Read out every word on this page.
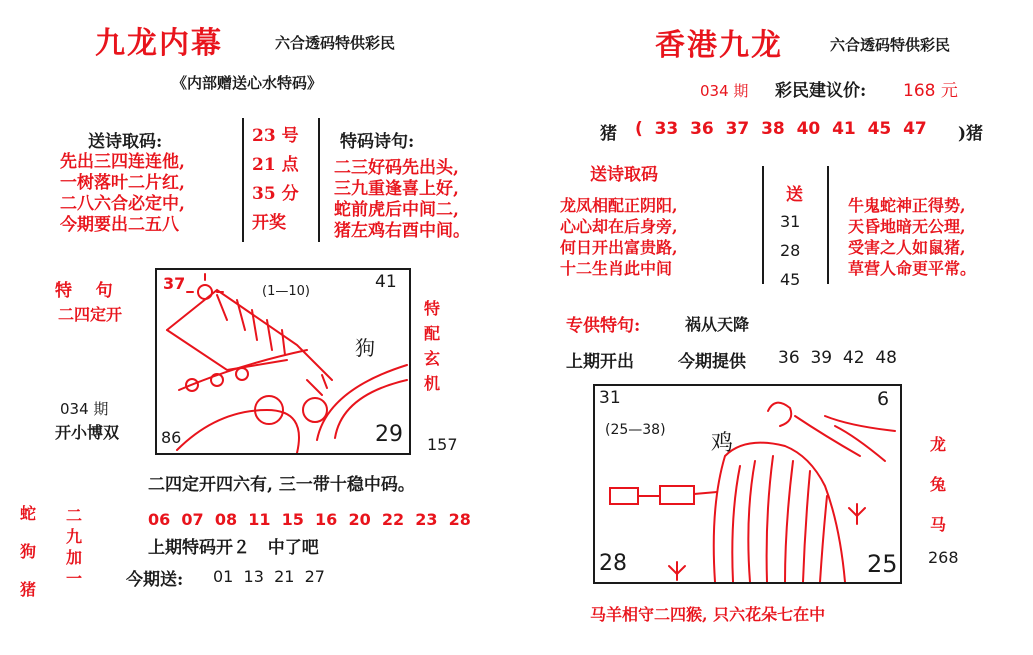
九龙内幕	六合透码特供彩民
《内部赠送心水特码》
送诗取码:
先出三四连连他,
一树落叶二片红,
二八六合必定中,
今期要出二五八
23 号
21 点
35 分
开奖
特码诗句:
二三好码先出头,
三九重逢喜上好,
蛇前虎后中间二,
猪左鸡右酉中间。
特    句
二四定开
034 期
开小博双
37	(1—10)	41
86	29
狗
特
配
玄
机
157
二四定开四六有, 三一带十稳中码。
蛇
狗
猪
二
九
加
一
06  07  08  11  15  16  20  22  23  28
上期特码开２   中了吧
今期送: 01  13  21  27
香港九龙	六合透码特供彩民
034 期 彩民建议价: 168 元
猪 (  33  36  37  38  40  41  45  47 )猪
送诗取码
龙凤相配正阴阳,
心心却在后身旁,
何日开出富贵路,
十二生肖此中间
送
31
28
45
牛鬼蛇神正得势,
天昏地暗无公理,
受害之人如鼠猪,
草营人命更平常。
专供特句:	祸从天降
上期开出	今期提供 36  39  42  48
31
(25—38)
6
28	25
鸡	龙
兔
马
268
马羊相守二四猴, 只六花朵七在中
